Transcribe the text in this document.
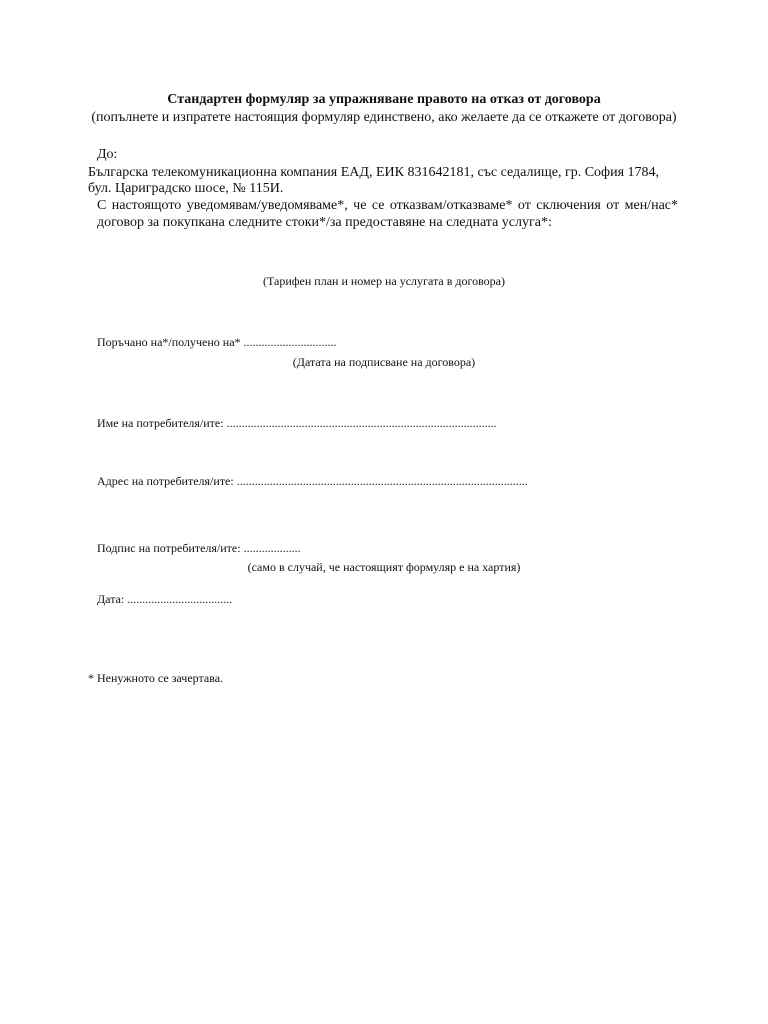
Стандартен формуляр за упражняване правото на отказ от договора
(попълнете и изпратете настоящия формуляр единствено, ако желаете да се откажете от договора)
До:
Българска телекомуникационна компания ЕАД, ЕИК 831642181, със седалище, гр. София 1784,
бул. Цариградско шосе, № 115И.
С настоящото уведомявам/уведомяваме*, че се отказвам/отказваме* от сключения от мен/нас*
договор за покупкана следните стоки*/за предоставяне на следната услуга*:
(Тарифен план и номер на услугата в договора)
Поръчано на*/получено на* ...............................
(Датата на подписване на договора)
Име на потребителя/ите: ..........................................................................................
Адрес на потребителя/ите: .................................................................................................
Подпис на потребителя/ите: ...................
(само в случай, че настоящият формуляр е на хартия)
Дата: ...................................
* Ненужното се зачертава.
